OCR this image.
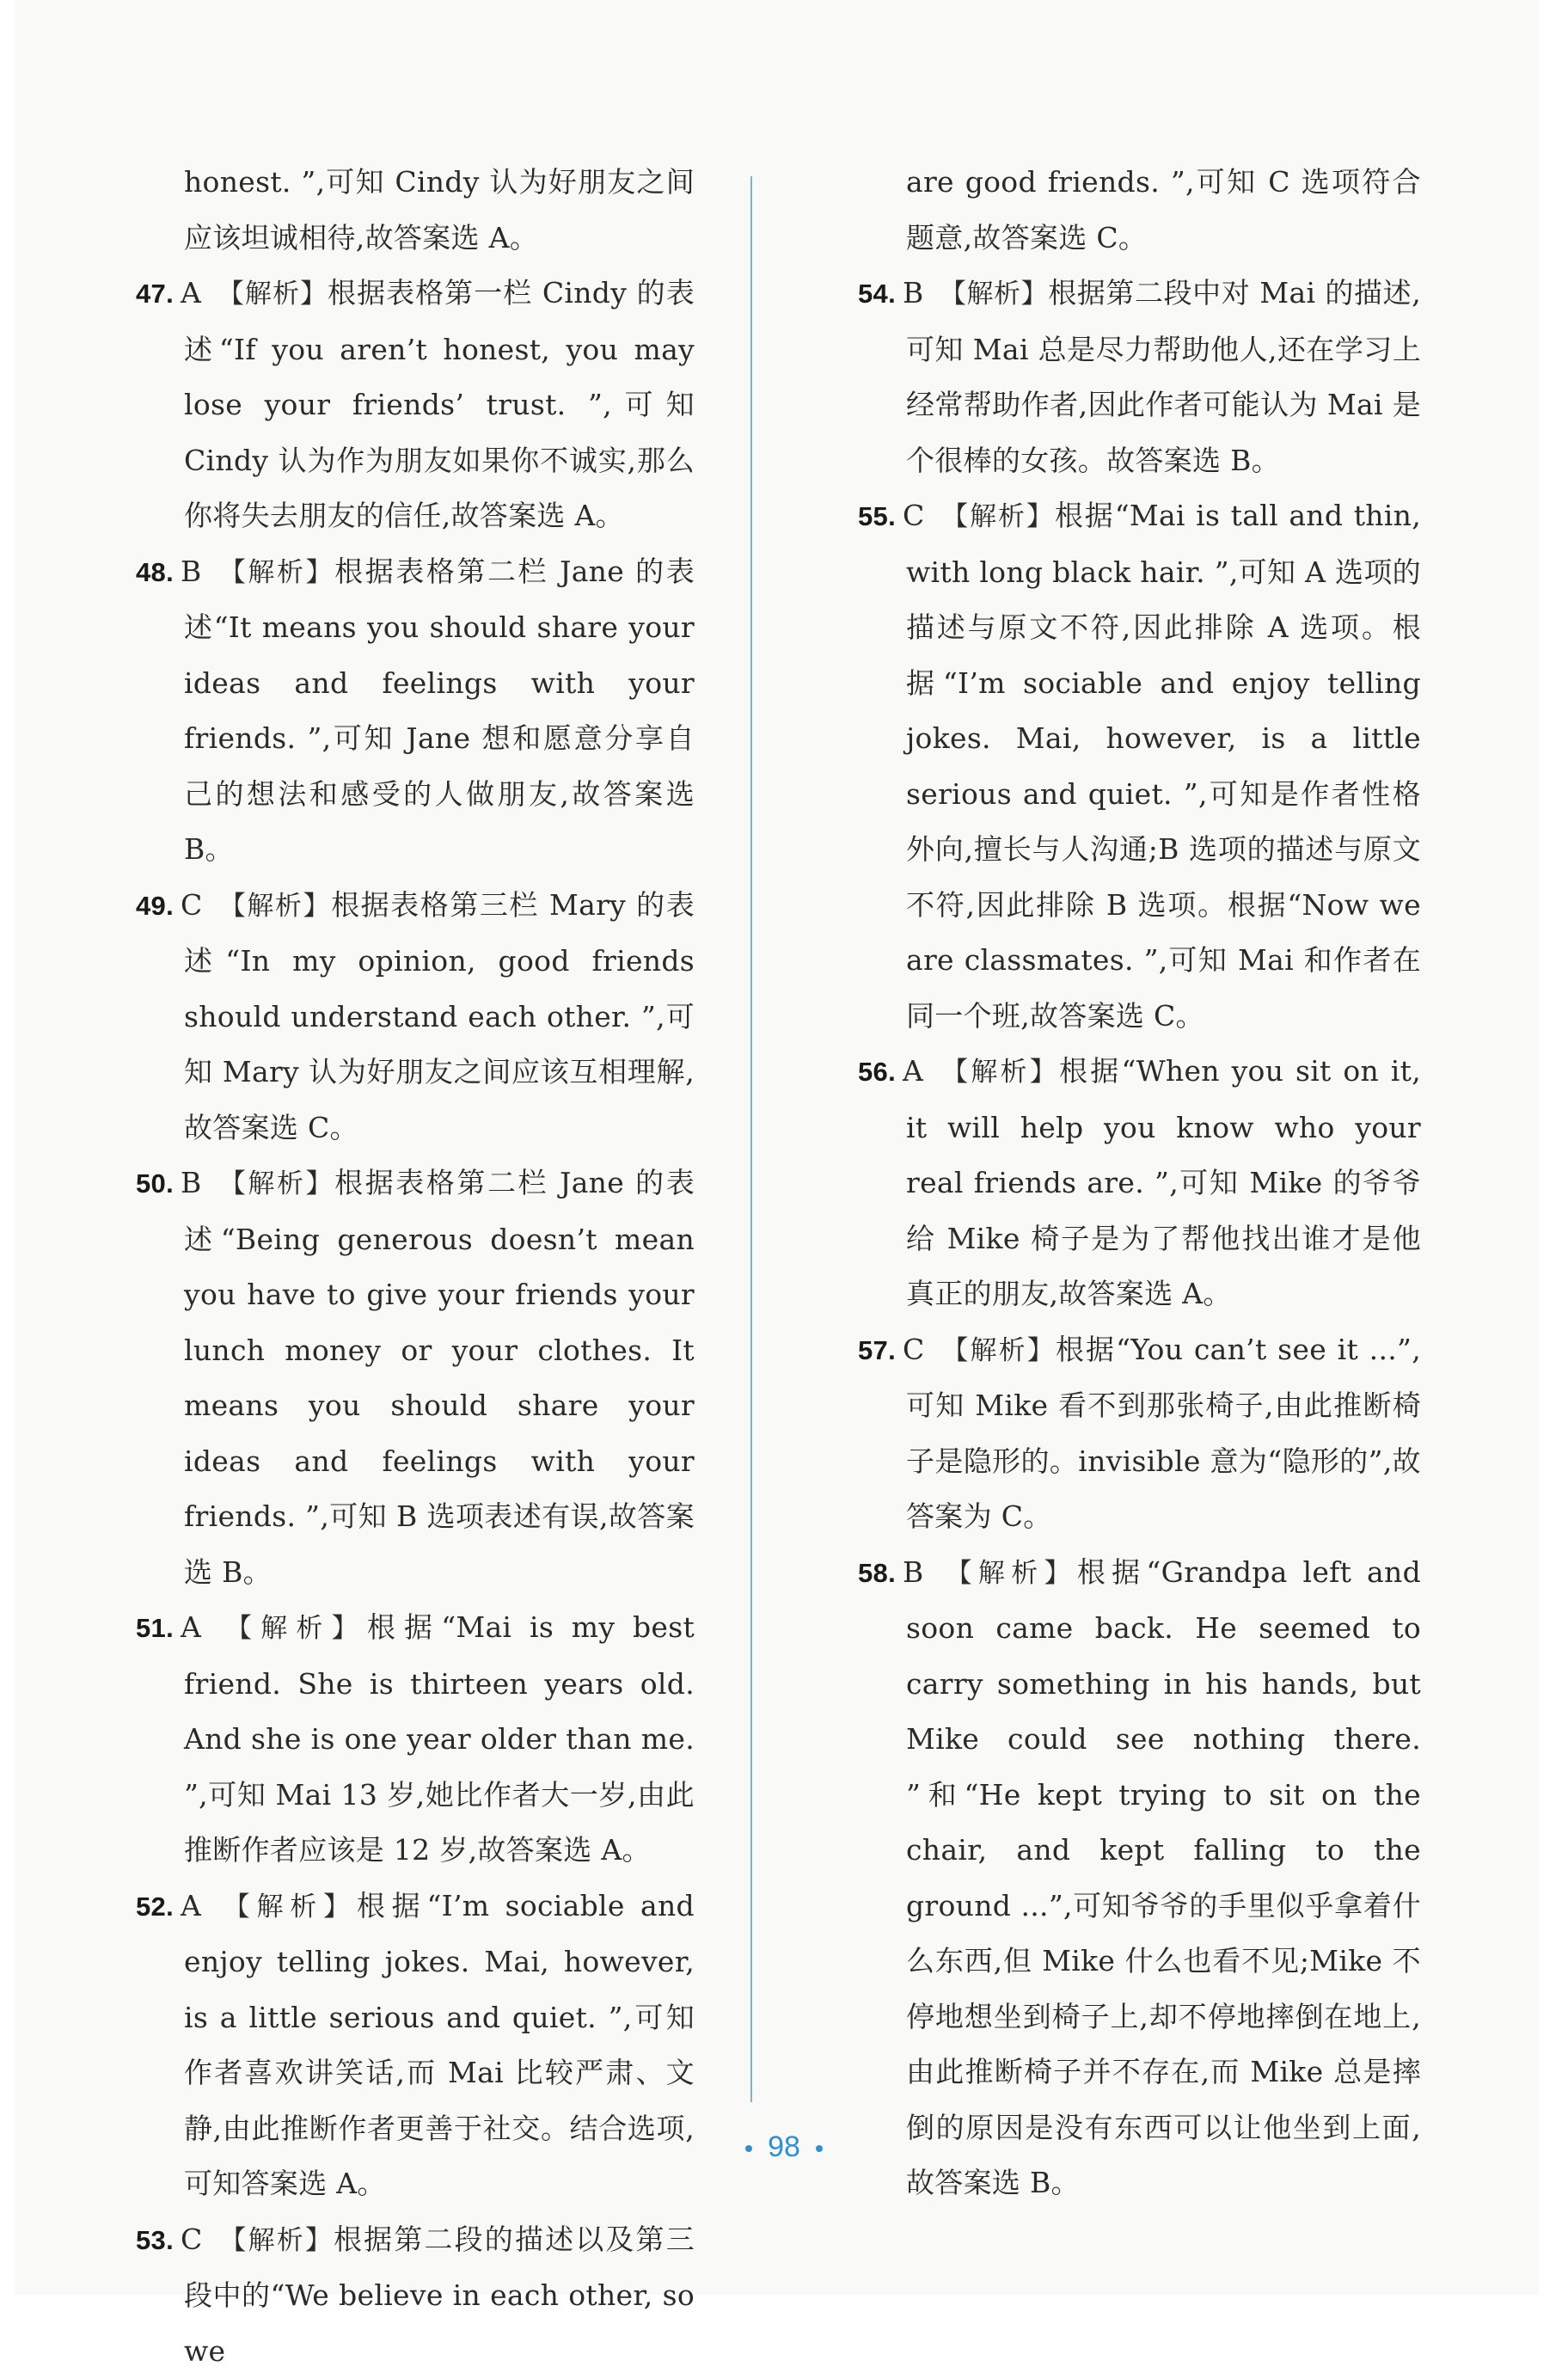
honest. ”,可知 Cindy 认为好朋友之间应该坦诚相待,故答案选 A。

47. A 【解析】根据表格第一栏 Cindy 的表述“If you aren’t honest, you may lose your friends’ trust. ”,可知 Cindy 认为作为朋友如果你不诚实,那么你将失去朋友的信任,故答案选 A。

48. B 【解析】根据表格第二栏 Jane 的表述“It means you should share your ideas and feelings with your friends. ”,可知 Jane 想和愿意分享自己的想法和感受的人做朋友,故答案选 B。

49. C 【解析】根据表格第三栏 Mary 的表述“In my opinion, good friends should understand each other. ”,可知 Mary 认为好朋友之间应该互相理解,故答案选 C。

50. B 【解析】根据表格第二栏 Jane 的表述“Being generous doesn’t mean you have to give your friends your lunch money or your clothes. It means you should share your ideas and feelings with your friends. ”,可知 B 选项表述有误,故答案选 B。

51. A 【解析】根据“Mai is my best friend. She is thirteen years old. And she is one year older than me. ”,可知 Mai 13 岁,她比作者大一岁,由此推断作者应该是 12 岁,故答案选 A。

52. A 【解析】根据“I’m sociable and enjoy telling jokes. Mai, however, is a little serious and quiet. ”,可知作者喜欢讲笑话,而 Mai 比较严肃、文静,由此推断作者更善于社交。结合选项,可知答案选 A。

53. C 【解析】根据第二段的描述以及第三段中的“We believe in each other, so we

are good friends. ”,可知 C 选项符合题意,故答案选 C。

54. B 【解析】根据第二段中对 Mai 的描述,可知 Mai 总是尽力帮助他人,还在学习上经常帮助作者,因此作者可能认为 Mai 是个很棒的女孩。故答案选 B。

55. C 【解析】根据“Mai is tall and thin, with long black hair. ”,可知 A 选项的描述与原文不符,因此排除 A 选项。根据“I’m sociable and enjoy telling jokes. Mai, however, is a little serious and quiet. ”,可知是作者性格外向,擅长与人沟通;B 选项的描述与原文不符,因此排除 B 选项。根据“Now we are classmates. ”,可知 Mai 和作者在同一个班,故答案选 C。

56. A 【解析】根据“When you sit on it, it will help you know who your real friends are. ”,可知 Mike 的爷爷给 Mike 椅子是为了帮他找出谁才是他真正的朋友,故答案选 A。

57. C 【解析】根据“You can’t see it ...”,可知 Mike 看不到那张椅子,由此推断椅子是隐形的。invisible 意为“隐形的”,故答案为 C。

58. B 【解析】根据“Grandpa left and soon came back. He seemed to carry something in his hands, but Mike could see nothing there. ”和“He kept trying to sit on the chair, and kept falling to the ground ...”,可知爷爷的手里似乎拿着什么东西,但 Mike 什么也看不见;Mike 不停地想坐到椅子上,却不停地摔倒在地上,由此推断椅子并不存在,而 Mike 总是摔倒的原因是没有东西可以让他坐到上面,故答案选 B。

98
